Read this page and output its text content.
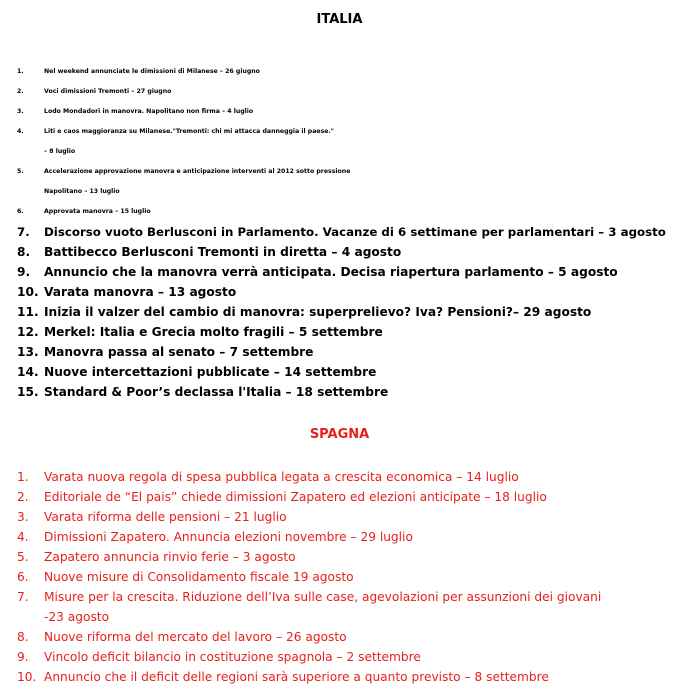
ITALIA
1.	Nel weekend annunciate le dimissioni di Milanese – 26 giugno
2.	Voci dimissioni Tremonti – 27 giugno
3.	Lodo Mondadori in manovra. Napolitano non firma – 4 luglio
4.	Liti e caos maggioranza su Milanese."Tremonti: chi mi attacca danneggia il paese."
– 8 luglio
5.	Accelerazione approvazione manovra e anticipazione interventi al 2012 sotto pressione
Napolitano – 13 luglio
6.	Approvata manovra – 15 luglio
7. Discorso vuoto Berlusconi in Parlamento. Vacanze di 6 settimane per parlamentari – 3 agosto
8. Battibecco Berlusconi Tremonti in diretta – 4 agosto
9. Annuncio che la manovra verrà anticipata. Decisa riapertura parlamento – 5 agosto
10. Varata manovra – 13 agosto
11. Inizia il valzer del cambio di manovra: superprelievo? Iva? Pensioni?– 29 agosto
12. Merkel: Italia e Grecia molto fragili – 5 settembre
13. Manovra passa al senato – 7 settembre
14. Nuove intercettazioni pubblicate – 14 settembre
15. Standard & Poor’s declassa l'Italia – 18 settembre
SPAGNA
1. Varata nuova regola di spesa pubblica legata a crescita economica – 14 luglio
2. Editoriale de “El pais” chiede dimissioni Zapatero ed elezioni anticipate – 18 luglio
3. Varata riforma delle pensioni – 21 luglio
4. Dimissioni Zapatero. Annuncia elezioni novembre – 29 luglio
5. Zapatero annuncia rinvio ferie – 3 agosto
6. Nuove misure di Consolidamento fiscale 19 agosto
7. Misure per la crescita. Riduzione dell’Iva sulle case, agevolazioni per assunzioni dei giovani
-23 agosto
8. Nuove riforma del mercato del lavoro – 26 agosto
9. Vincolo deficit bilancio in costituzione spagnola – 2 settembre
10. Annuncio che il deficit delle regioni sarà superiore a quanto previsto – 8 settembre
